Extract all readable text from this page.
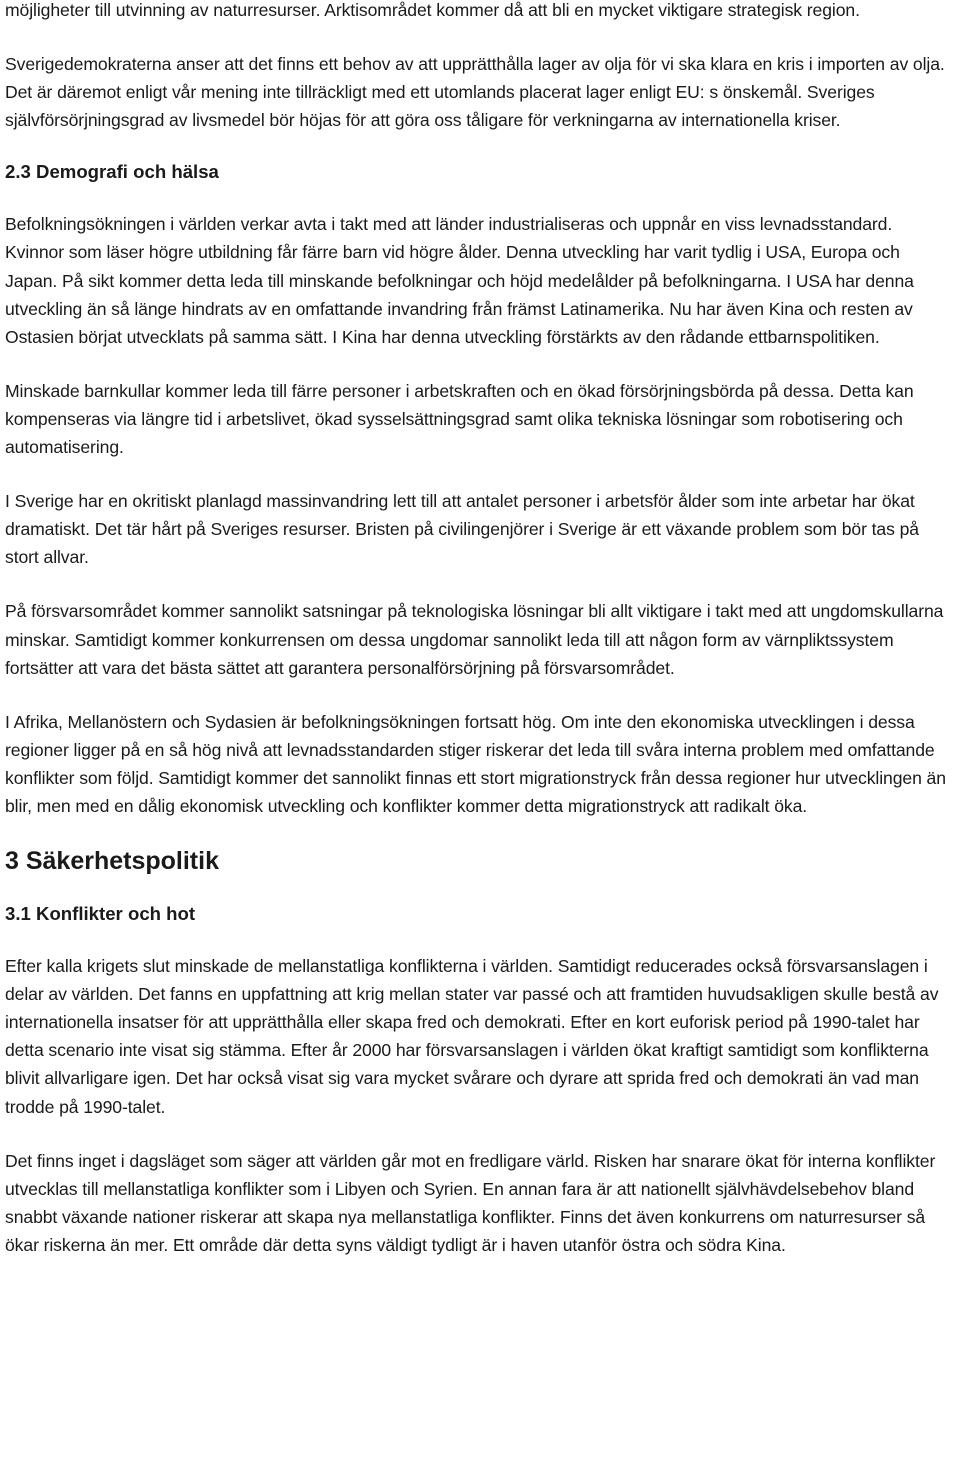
möjligheter till utvinning av naturresurser. Arktisområdet kommer då att bli en mycket viktigare strategisk region.

Sverigedemokraterna anser att det finns ett behov av att upprätthålla lager av olja för vi ska klara en kris i importen av olja. Det är däremot enligt vår mening inte tillräckligt med ett utomlands placerat lager enligt EU: s önskemål. Sveriges självförsörjningsgrad av livsmedel bör höjas för att göra oss tåligare för verkningarna av internationella kriser.

2.3 Demografi och hälsa

Befolkningsökningen i världen verkar avta i takt med att länder industrialiseras och uppnår en viss levnadsstandard. Kvinnor som läser högre utbildning får färre barn vid högre ålder. Denna utveckling har varit tydlig i USA, Europa och Japan. På sikt kommer detta leda till minskande befolkningar och höjd medelålder på befolkningarna. I USA har denna utveckling än så länge hindrats av en omfattande invandring från främst Latinamerika. Nu har även Kina och resten av Ostasien börjat utvecklats på samma sätt. I Kina har denna utveckling förstärkts av den rådande ettbarnspolitiken.

Minskade barnkullar kommer leda till färre personer i arbetskraften och en ökad försörjningsbörda på dessa. Detta kan kompenseras via längre tid i arbetslivet, ökad sysselsättningsgrad samt olika tekniska lösningar som robotisering och automatisering.

I Sverige har en okritiskt planlagd massinvandring lett till att antalet personer i arbetsför ålder som inte arbetar har ökat dramatiskt. Det tär hårt på Sveriges resurser. Bristen på civilingenjörer i Sverige är ett växande problem som bör tas på stort allvar.

På försvarsområdet kommer sannolikt satsningar på teknologiska lösningar bli allt viktigare i takt med att ungdomskullarna minskar. Samtidigt kommer konkurrensen om dessa ungdomar sannolikt leda till att någon form av värnpliktssystem fortsätter att vara det bästa sättet att garantera personalförsörjning på försvarsområdet.

I Afrika, Mellanöstern och Sydasien är befolkningsökningen fortsatt hög. Om inte den ekonomiska utvecklingen i dessa regioner ligger på en så hög nivå att levnadsstandarden stiger riskerar det leda till svåra interna problem med omfattande konflikter som följd. Samtidigt kommer det sannolikt finnas ett stort migrationstryck från dessa regioner hur utvecklingen än blir, men med en dålig ekonomisk utveckling och konflikter kommer detta migrationstryck att radikalt öka.

3 Säkerhetspolitik
3.1 Konflikter och hot

Efter kalla krigets slut minskade de mellanstatliga konflikterna i världen. Samtidigt reducerades också försvarsanslagen i delar av världen. Det fanns en uppfattning att krig mellan stater var passé och att framtiden huvudsakligen skulle bestå av internationella insatser för att upprätthålla eller skapa fred och demokrati. Efter en kort euforisk period på 1990-talet har detta scenario inte visat sig stämma. Efter år 2000 har försvarsanslagen i världen ökat kraftigt samtidigt som konflikterna blivit allvarligare igen. Det har också visat sig vara mycket svårare och dyrare att sprida fred och demokrati än vad man trodde på 1990-talet.

Det finns inget i dagsläget som säger att världen går mot en fredligare värld. Risken har snarare ökat för interna konflikter utvecklas till mellanstatliga konflikter som i Libyen och Syrien. En annan fara är att nationellt självhävdelsebehov bland snabbt växande nationer riskerar att skapa nya mellanstatliga konflikter. Finns det även konkurrens om naturresurser så ökar riskerna än mer. Ett område där detta syns väldigt tydligt är i haven utanför östra och södra Kina.
